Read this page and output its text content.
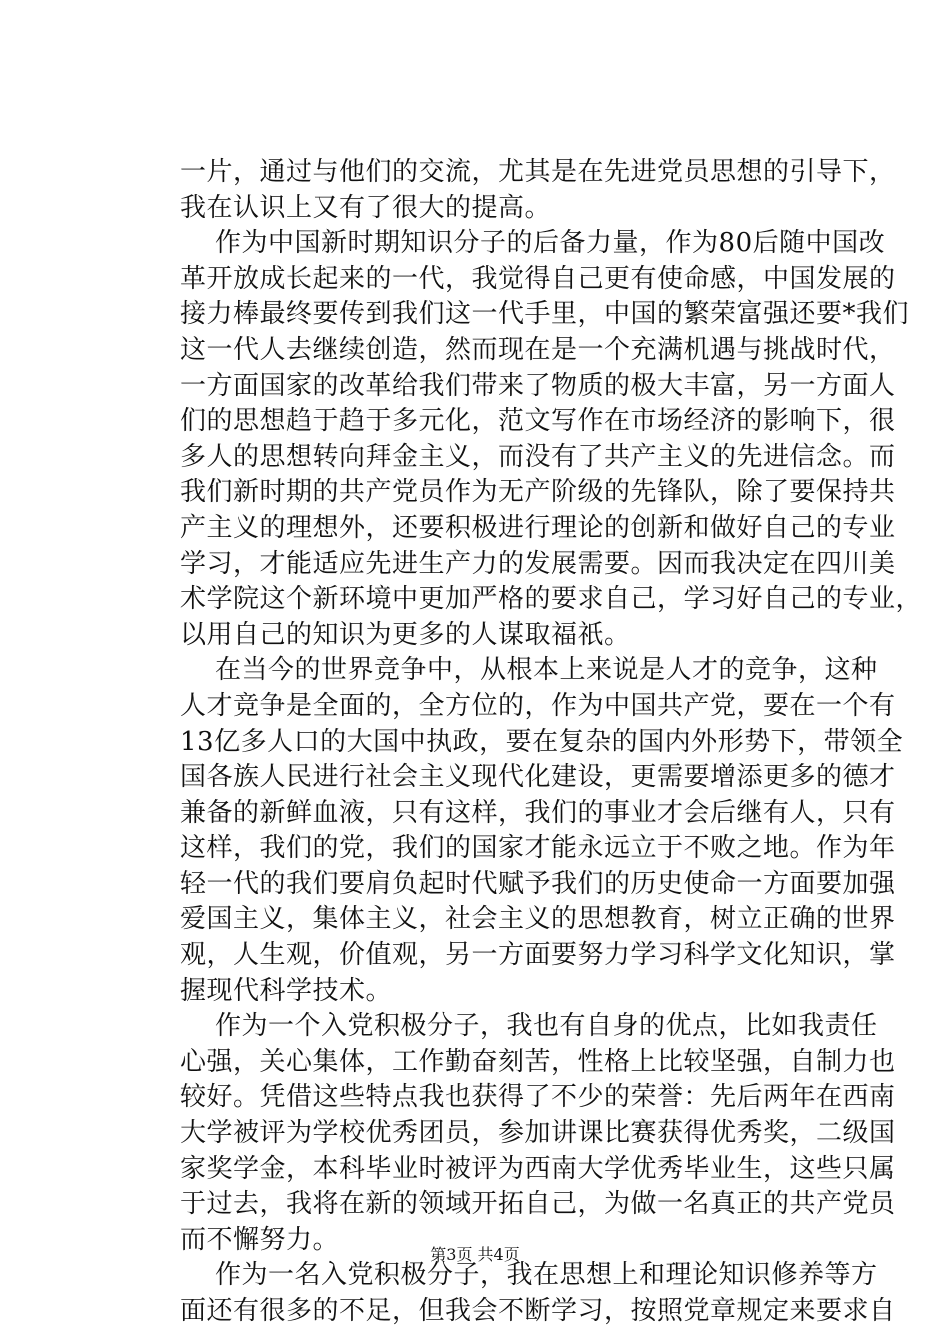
一片，通过与他们的交流，尤其是在先进党员思想的引导下，
我在认识上又有了很大的提高。
作为中国新时期知识分子的后备力量，作为80后随中国改
革开放成长起来的一代，我觉得自己更有使命感，中国发展的
接力棒最终要传到我们这一代手里，中国的繁荣富强还要*我们
这一代人去继续创造，然而现在是一个充满机遇与挑战时代，
一方面国家的改革给我们带来了物质的极大丰富，另一方面人
们的思想趋于趋于多元化，范文写作在市场经济的影响下，很
多人的思想转向拜金主义，而没有了共产主义的先进信念。而
我们新时期的共产党员作为无产阶级的先锋队，除了要保持共
产主义的理想外，还要积极进行理论的创新和做好自己的专业
学习，才能适应先进生产力的发展需要。因而我决定在四川美
术学院这个新环境中更加严格的要求自己，学习好自己的专业，
以用自己的知识为更多的人谋取福祇。
在当今的世界竞争中，从根本上来说是人才的竞争，这种
人才竞争是全面的，全方位的，作为中国共产党，要在一个有
13亿多人口的大国中执政，要在复杂的国内外形势下，带领全
国各族人民进行社会主义现代化建设，更需要增添更多的德才
兼备的新鲜血液，只有这样，我们的事业才会后继有人，只有
这样，我们的党，我们的国家才能永远立于不败之地。作为年
轻一代的我们要肩负起时代赋予我们的历史使命一方面要加强
爱国主义，集体主义，社会主义的思想教育，树立正确的世界
观，人生观，价值观，另一方面要努力学习科学文化知识，掌
握现代科学技术。
作为一个入党积极分子，我也有自身的优点，比如我责任
心强，关心集体，工作勤奋刻苦，性格上比较坚强，自制力也
较好。凭借这些特点我也获得了不少的荣誉：先后两年在西南
大学被评为学校优秀团员，参加讲课比赛获得优秀奖，二级国
家奖学金，本科毕业时被评为西南大学优秀毕业生，这些只属
于过去，我将在新的领域开拓自己，为做一名真正的共产党员
而不懈努力。
作为一名入党积极分子，我在思想上和理论知识修养等方
面还有很多的不足，但我会不断学习，按照党章规定来要求自
第3页 共4页
